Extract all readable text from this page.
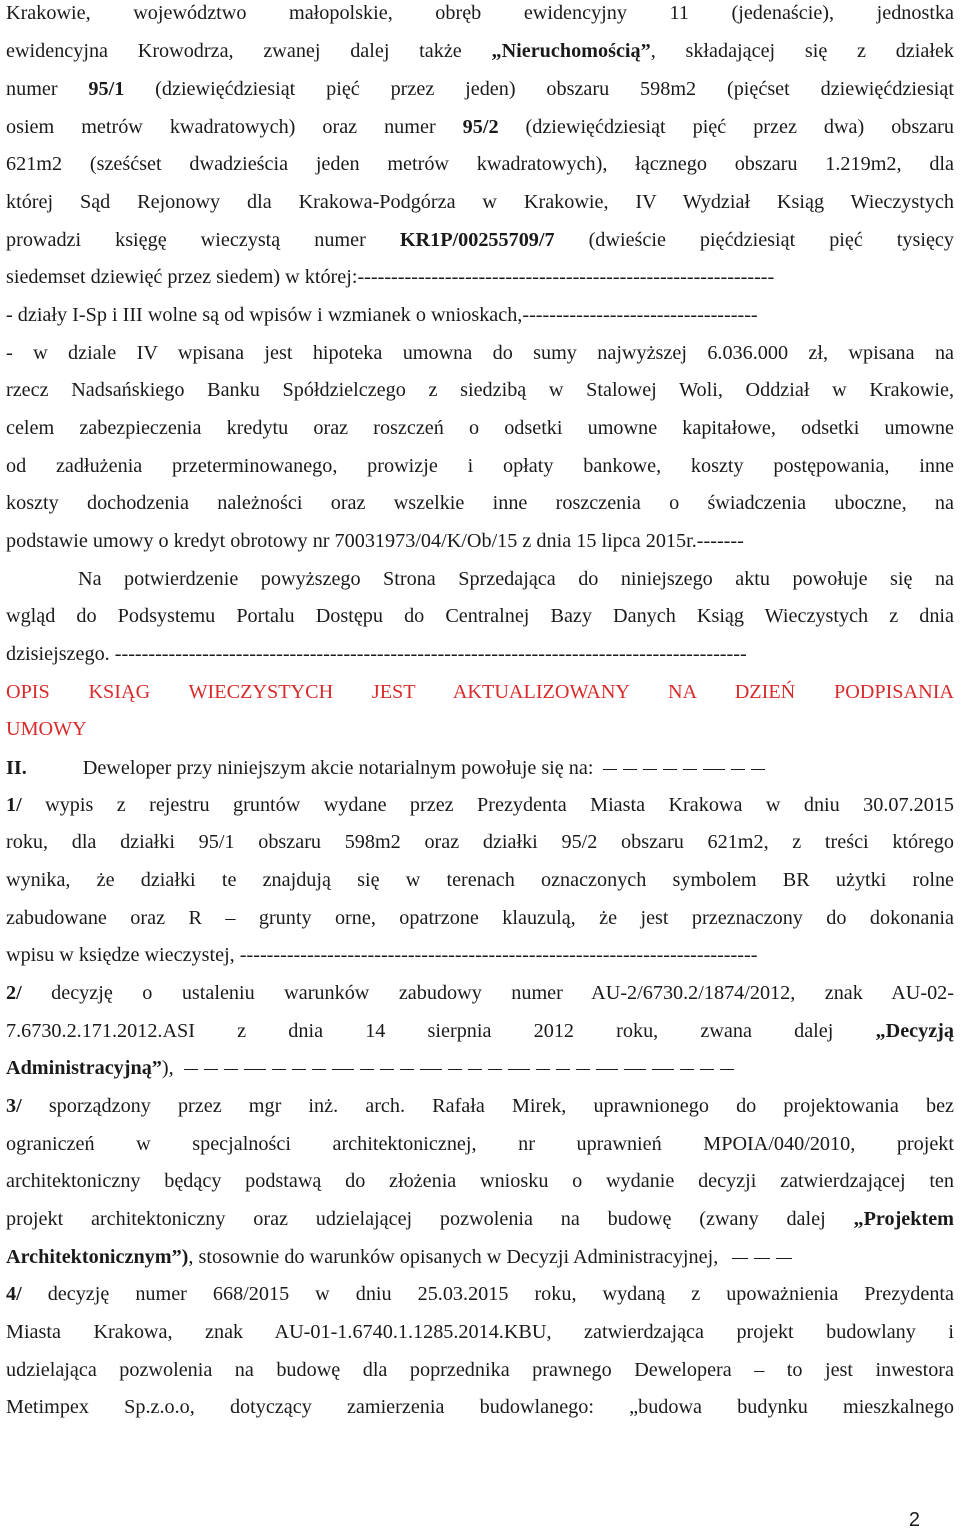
Krakowie, województwo małopolskie, obręb ewidencyjny 11 (jedenaście), jednostka
ewidencyjna Krowodrza, zwanej dalej także „Nieruchomością”, składającej się z działek
numer 95/1 (dziewięćdziesiąt pięć przez jeden) obszaru 598m2 (pięćset dziewięćdziesiąt
osiem metrów kwadratowych) oraz numer 95/2 (dziewięćdziesiąt pięć przez dwa) obszaru
621m2 (sześćset dwadzieścia jeden metrów kwadratowych), łącznego obszaru 1.219m2, dla
której Sąd Rejonowy dla Krakowa-Podgórza w Krakowie, IV Wydział Ksiąg Wieczystych
prowadzi księgę wieczystą numer KR1P/00255709/7 (dwieście pięćdziesiąt pięć tysięcy
siedemset dziewięć przez siedem) w której:--------------------------------------------------------------
- działy I-Sp i III wolne są od wpisów i wzmianek o wnioskach,-----------------------------------
- w dziale IV wpisana jest hipoteka umowna do sumy najwyższej 6.036.000 zł, wpisana na
rzecz Nadsańskiego Banku Spółdzielczego z siedzibą w Stalowej Woli, Oddział w Krakowie,
celem zabezpieczenia kredytu oraz roszczeń o odsetki umowne kapitałowe, odsetki umowne
od zadłużenia przeterminowanego, prowizje i opłaty bankowe, koszty postępowania, inne
koszty dochodzenia należności oraz wszelkie inne roszczenia o świadczenia uboczne, na
podstawie umowy o kredyt obrotowy nr 70031973/04/K/Ob/15 z dnia 15 lipca 2015r.-------
Na potwierdzenie powyższego Strona Sprzedająca do niniejszego aktu powołuje się na
wgląd do Podsystemu Portalu Dostępu do Centralnej Bazy Danych Ksiąg Wieczystych z dnia
dzisiejszego. ----------------------------------------------------------------------------------------------
OPIS KSIĄG WIECZYSTYCH JEST AKTUALIZOWANY NA DZIEŃ PODPISANIA
UMOWY
II.	Deweloper przy niniejszym akcie notarialnym powołuje się na:
1/ wypis z rejestru gruntów wydane przez Prezydenta Miasta Krakowa w dniu 30.07.2015
roku, dla działki 95/1 obszaru 598m2 oraz działki 95/2 obszaru 621m2, z treści którego
wynika, że działki te znajdują się w terenach oznaczonych symbolem BR użytki rolne
zabudowane oraz R – grunty orne, opatrzone klauzulą, że jest przeznaczony do dokonania
wpisu w księdze wieczystej, -----------------------------------------------------------------------------
2/ decyzję o ustaleniu warunków zabudowy numer AU-2/6730.2/1874/2012, znak AU-02-
7.6730.2.171.2012.ASI z dnia 14 sierpnia 2012 roku, zwana dalej „Decyzją
Administracyjną”),
3/ sporządzony przez mgr inż. arch. Rafała Mirek, uprawnionego do projektowania bez
ograniczeń w specjalności architektonicznej, nr uprawnień MPOIA/040/2010, projekt
architektoniczny będący podstawą do złożenia wniosku o wydanie decyzji zatwierdzającej ten
projekt architektoniczny oraz udzielającej pozwolenia na budowę (zwany dalej „Projektem
Architektonicznym”), stosownie do warunków opisanych w Decyzji Administracyjnej,
4/ decyzję numer 668/2015 w dniu 25.03.2015 roku, wydaną z upoważnienia Prezydenta
Miasta Krakowa, znak AU-01-1.6740.1.1285.2014.KBU, zatwierdzająca projekt budowlany i
udzielająca pozwolenia na budowę dla poprzednika prawnego Dewelopera – to jest inwestora
Metimpex Sp.z.o.o, dotyczący zamierzenia budowlanego: „budowa budynku mieszkalnego
2
